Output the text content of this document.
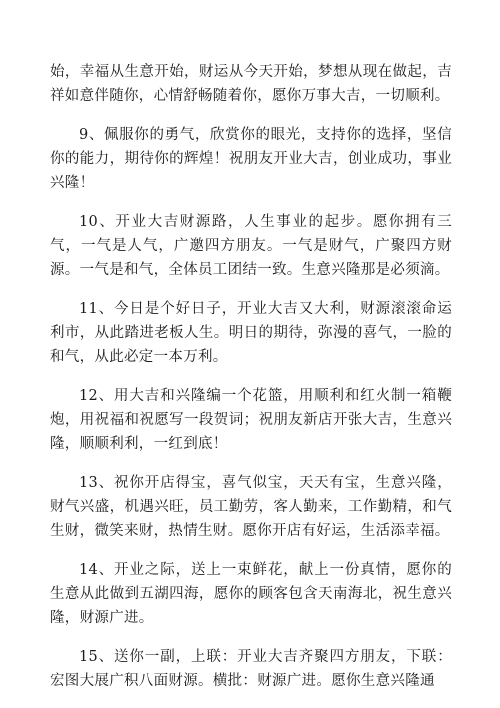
始，幸福从生意开始，财运从今天开始，梦想从现在做起，吉祥如意伴随你，心情舒畅随着你，愿你万事大吉，一切顺利。

9、佩服你的勇气，欣赏你的眼光，支持你的选择，坚信你的能力，期待你的辉煌！祝朋友开业大吉，创业成功，事业兴隆！

10、开业大吉财源路，人生事业的起步。愿你拥有三气，一气是人气，广邀四方朋友。一气是财气，广聚四方财源。一气是和气，全体员工团结一致。生意兴隆那是必须滴。

11、今日是个好日子，开业大吉又大利，财源滚滚命运利市，从此踏进老板人生。明日的期待，弥漫的喜气，一脸的和气，从此必定一本万利。

12、用大吉和兴隆编一个花篮，用顺利和红火制一箱鞭炮，用祝福和祝愿写一段贺词；祝朋友新店开张大吉，生意兴隆，顺顺利利，一红到底！

13、祝你开店得宝，喜气似宝，天天有宝，生意兴隆，财气兴盛，机遇兴旺，员工勤劳，客人勤来，工作勤精，和气生财，微笑来财，热情生财。愿你开店有好运，生活添幸福。

14、开业之际，送上一束鲜花，献上一份真情，愿你的生意从此做到五湖四海，愿你的顾客包含天南海北，祝生意兴隆，财源广进。

15、送你一副，上联：开业大吉齐聚四方朋友，下联：宏图大展广积八面财源。横批：财源广进。愿你生意兴隆通
